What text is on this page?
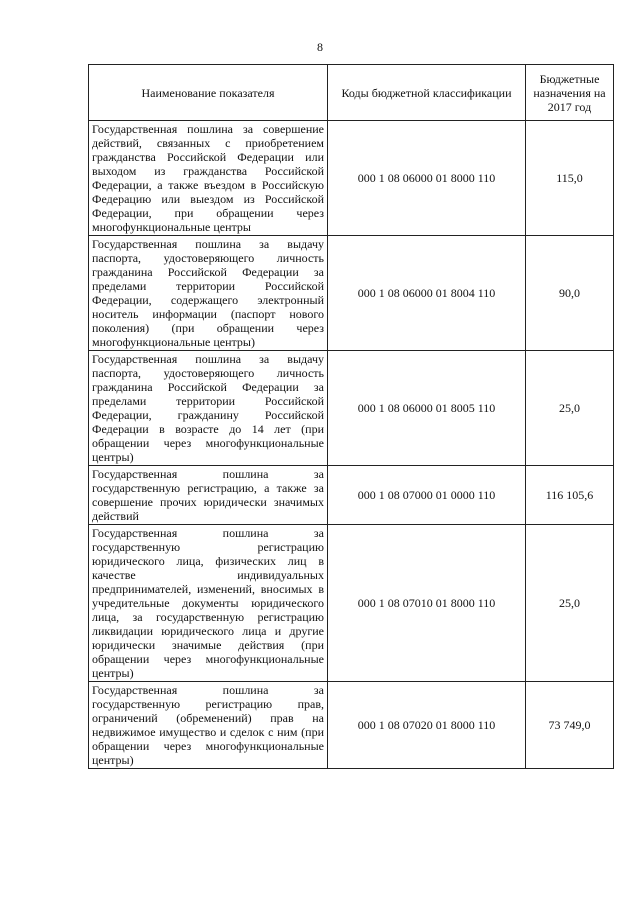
8
Наименование показателя	Коды бюджетной классификации	Бюджетные назначения на 2017 год
Государственная пошлина за совершение действий, связанных с приобретением гражданства Российской Федерации или выходом из гражданства Российской Федерации, а также въездом в Российскую Федерацию или выездом из Российской Федерации, при обращении через многофункциональные центры	000 1 08 06000 01 8000 110	115,0
Государственная пошлина за выдачу паспорта, удостоверяющего личность гражданина Российской Федерации за пределами территории Российской Федерации, содержащего электронный носитель информации (паспорт нового поколения) (при обращении через многофункциональные центры)	000 1 08 06000 01 8004 110	90,0
Государственная пошлина за выдачу паспорта, удостоверяющего личность гражданина Российской Федерации за пределами территории Российской Федерации, гражданину Российской Федерации в возрасте до 14 лет (при обращении через многофункциональные центры)	000 1 08 06000 01 8005 110	25,0
Государственная пошлина за государственную регистрацию, а также за совершение прочих юридически значимых действий	000 1 08 07000 01 0000 110	116 105,6
Государственная пошлина за государственную регистрацию юридического лица, физических лиц в качестве индивидуальных предпринимателей, изменений, вносимых в учредительные документы юридического лица, за государственную регистрацию ликвидации юридического лица и другие юридически значимые действия (при обращении через многофункциональные центры)	000 1 08 07010 01 8000 110	25,0
Государственная пошлина за государственную регистрацию прав, ограничений (обременений) прав на недвижимое имущество и сделок с ним (при обращении через многофункциональные центры)	000 1 08 07020 01 8000 110	73 749,0
